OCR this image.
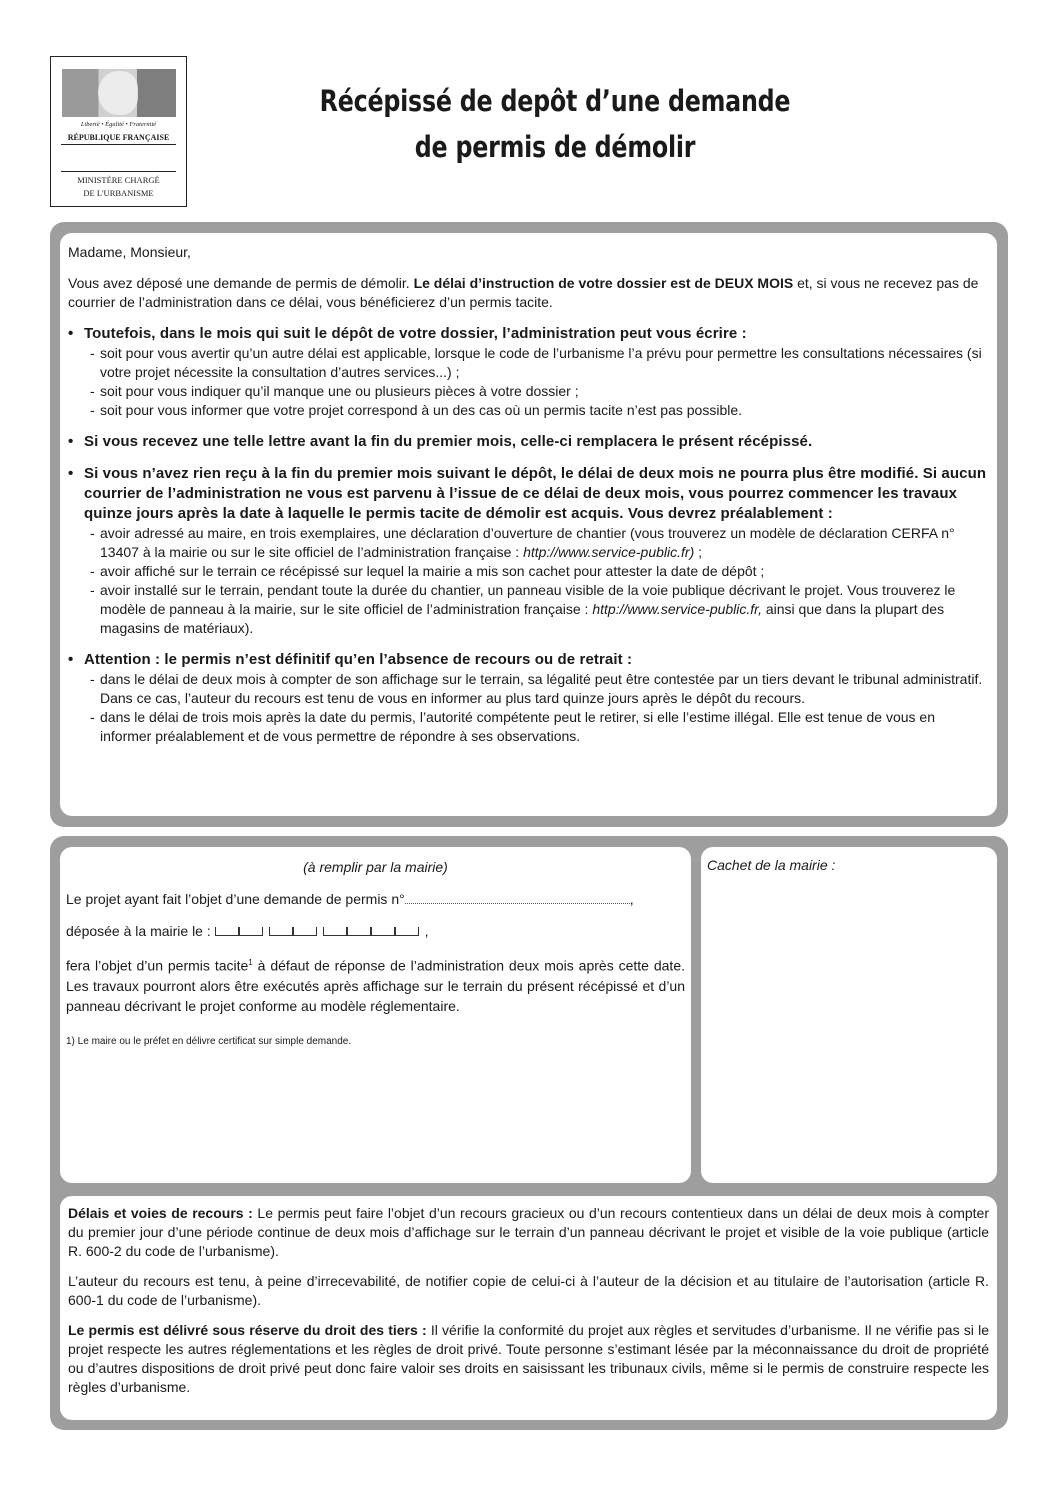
Liberté • Égalité • Fraternité
RÉPUBLIQUE FRANÇAISE
MINISTÈRE CHARGÉ
DE L'URBANISME
Récépissé de depôt d’une demande
de permis de démolir

Madame, Monsieur,

Vous avez déposé une demande de permis de démolir. Le délai d’instruction de votre dossier est de DEUX MOIS et, si vous ne recevez pas de courrier de l’administration dans ce délai, vous bénéficierez d’un permis tacite.

• Toutefois, dans le mois qui suit le dépôt de votre dossier, l’administration peut vous écrire :
- soit pour vous avertir qu’un autre délai est applicable, lorsque le code de l’urbanisme l’a prévu pour permettre les consultations nécessaires (si votre projet nécessite la consultation d’autres services...) ;
- soit pour vous indiquer qu’il manque une ou plusieurs pièces à votre dossier ;
- soit pour vous informer que votre projet correspond à un des cas où un permis tacite n’est pas possible.
• Si vous recevez une telle lettre avant la fin du premier mois, celle-ci remplacera le présent récépissé.
• Si vous n’avez rien reçu à la fin du premier mois suivant le dépôt, le délai de deux mois ne pourra plus être modifié. Si aucun courrier de l’administration ne vous est parvenu à l’issue de ce délai de deux mois, vous pourrez commencer les travaux quinze jours après la date à laquelle le permis tacite de démolir est acquis. Vous devrez préalablement :
- avoir adressé au maire, en trois exemplaires, une déclaration d’ouverture de chantier (vous trouverez un modèle de déclaration CERFA n° 13407 à la mairie ou sur le site officiel de l’administration française : http://www.service-public.fr) ;
- avoir affiché sur le terrain ce récépissé sur lequel la mairie a mis son cachet pour attester la date de dépôt ;
- avoir installé sur le terrain, pendant toute la durée du chantier, un panneau visible de la voie publique décrivant le projet. Vous trouverez le modèle de panneau à la mairie, sur le site officiel de l’administration française : http://www.service-public.fr, ainsi que dans la plupart des magasins de matériaux).
• Attention : le permis n’est définitif qu’en l’absence de recours ou de retrait :
- dans le délai de deux mois à compter de son affichage sur le terrain, sa légalité peut être contestée par un tiers devant le tribunal administratif. Dans ce cas, l’auteur du recours est tenu de vous en informer au plus tard quinze jours après le dépôt du recours.
- dans le délai de trois mois après la date du permis, l’autorité compétente peut le retirer, si elle l’estime illégal. Elle est tenue de vous en informer préalablement et de vous permettre de répondre à ses observations.
(à remplir par la mairie)
Le projet ayant fait l’objet d’une demande de permis n°	,
déposée à la mairie le :	,
fera l’objet d’un permis tacite$^1$ à défaut de réponse de l’administration deux mois après cette date. Les travaux pourront alors être exécutés après affichage sur le terrain du présent récépissé et d’un panneau décrivant le projet conforme au modèle réglementaire.
1) Le maire ou le préfet en délivre certificat sur simple demande.
Cachet de la mairie :

Délais et voies de recours : Le permis peut faire l’objet d’un recours gracieux ou d’un recours contentieux dans un délai de deux mois à compter du premier jour d’une période continue de deux mois d’affichage sur le terrain d’un panneau décrivant le projet et visible de la voie publique (article R. 600-2 du code de l’urbanisme).

L’auteur du recours est tenu, à peine d’irrecevabilité, de notifier copie de celui-ci à l’auteur de la décision et au titulaire de l’autorisation (article R. 600-1 du code de l’urbanisme).

Le permis est délivré sous réserve du droit des tiers : Il vérifie la conformité du projet aux règles et servitudes d’urbanisme. Il ne vérifie pas si le projet respecte les autres réglementations et les règles de droit privé. Toute personne s’estimant lésée par la méconnaissance du droit de propriété ou d’autres dispositions de droit privé peut donc faire valoir ses droits en saisissant les tribunaux civils, même si le permis de construire respecte les règles d’urbanisme.
